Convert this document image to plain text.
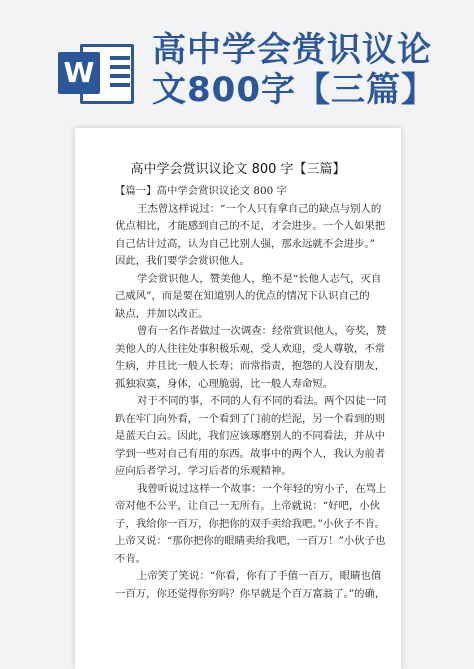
W
高中学会赏识议论
文800字【三篇】
高中学会赏识议论文 800 字【三篇】

【篇一】高中学会赏识议论文 800 字

王杰曾这样说过：“一个人只有拿自己的缺点与别人的

优点相比，才能感到自己的不足，才会进步。一个人如果把

自己估计过高，认为自己比别人强，那永远就不会进步。”

因此，我们要学会赏识他人。

学会赏识他人，赞美他人，绝不是“长他人志气，灭自

己威风”，而是要在知道别人的优点的情况下认识自己的

缺点，并加以改正。

曾有一名作者做过一次调查：经常赏识他人，夸奖，赞

美他人的人往往处事积极乐观，受人欢迎，受人尊敬，不常

生病，并且比一般人长寿；而常指责，抱怨的人没有朋友，

孤独寂寞，身体，心理脆弱，比一般人寿命短。

对于不同的事，不同的人有不同的看法。两个囚徒一同

趴在牢门向外看，一个看到了门前的烂泥，另一个看到的则

是蓝天白云。因此，我们应该琢磨别人的不同看法，并从中

学到一些对自己有用的东西。故事中的两个人，我认为前者

应向后者学习，学习后者的乐观精神。

我曾听说过这样一个故事：一个年轻的穷小子，在骂上

帝对他不公平，让自己一无所有。上帝就说：“好吧，小伙

子，我给你一百万，你把你的双手卖给我吧。”小伙子不肯。

上帝又说：“那你把你的眼睛卖给我吧，一百万！”小伙子也

不肯。

上帝笑了笑说：“你看，你有了手值一百万，眼睛也值

一百万，你还觉得你穷吗？你早就是个百万富翁了。”的确，
